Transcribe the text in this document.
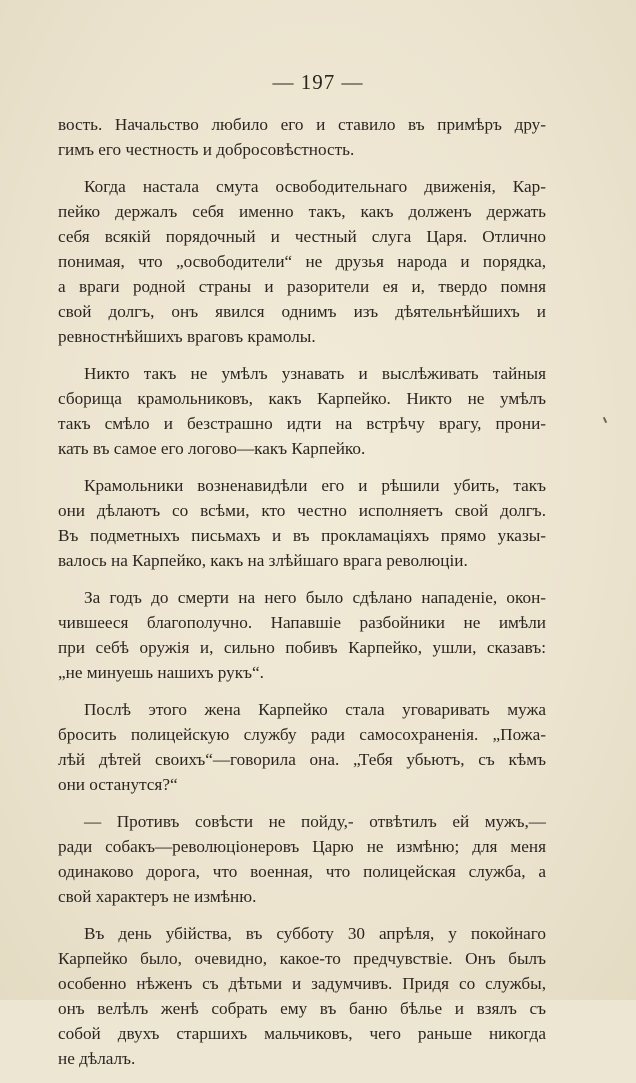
— 197 —
вость. Начальство любило его и ставило въ примѣръ дру-
гимъ его честность и добросовѣстность.
Когда настала смута освободительнаго движенія, Кар-
пейко держалъ себя именно такъ, какъ долженъ держать
себя всякій порядочный и честный слуга Царя. Отлично
понимая, что „освободители“ не друзья народа и порядка,
а враги родной страны и разорители ея и, твердо помня
свой долгъ, онъ явился однимъ изъ дѣятельнѣйшихъ и
ревностнѣйшихъ враговъ крамолы.
Никто такъ не умѣлъ узнавать и выслѣживать тайныя
сборища крамольниковъ, какъ Карпейко. Никто не умѣлъ
такъ смѣло и безстрашно идти на встрѣчу врагу, прони-
кать въ самое его логово—какъ Карпейко.
Крамольники возненавидѣли его и рѣшили убить, такъ
они дѣлаютъ со всѣми, кто честно исполняетъ свой долгъ.
Въ подметныхъ письмахъ и въ прокламаціяхъ прямо указы-
валось на Карпейко, какъ на злѣйшаго врага революціи.
За годъ до смерти на него было сдѣлано нападеніе, окон-
чившееся благополучно. Напавшіе разбойники не имѣли
при себѣ оружія и, сильно побивъ Карпейко, ушли, сказавъ:
„не минуешь нашихъ рукъ“.
Послѣ этого жена Карпейко стала уговаривать мужа
бросить полицейскую службу ради самосохраненія. „Пожа-
лѣй дѣтей своихъ“—говорила она. „Тебя убьютъ, съ кѣмъ
они останутся?“
— Противъ совѣсти не пойду,- отвѣтилъ ей мужъ,—
ради собакъ—революціонеровъ Царю не измѣню; для меня
одинаково дорога, что военная, что полицейская служба, а
свой характеръ не измѣню.
Въ день убійства, въ субботу 30 апрѣля, у покойнаго
Карпейко было, очевидно, какое-то предчувствіе. Онъ былъ
особенно нѣженъ съ дѣтьми и задумчивъ. Придя со службы,
онъ велѣлъ женѣ собрать ему въ баню бѣлье и взялъ съ
собой двухъ старшихъ мальчиковъ, чего раньше никогда
не дѣлалъ.
